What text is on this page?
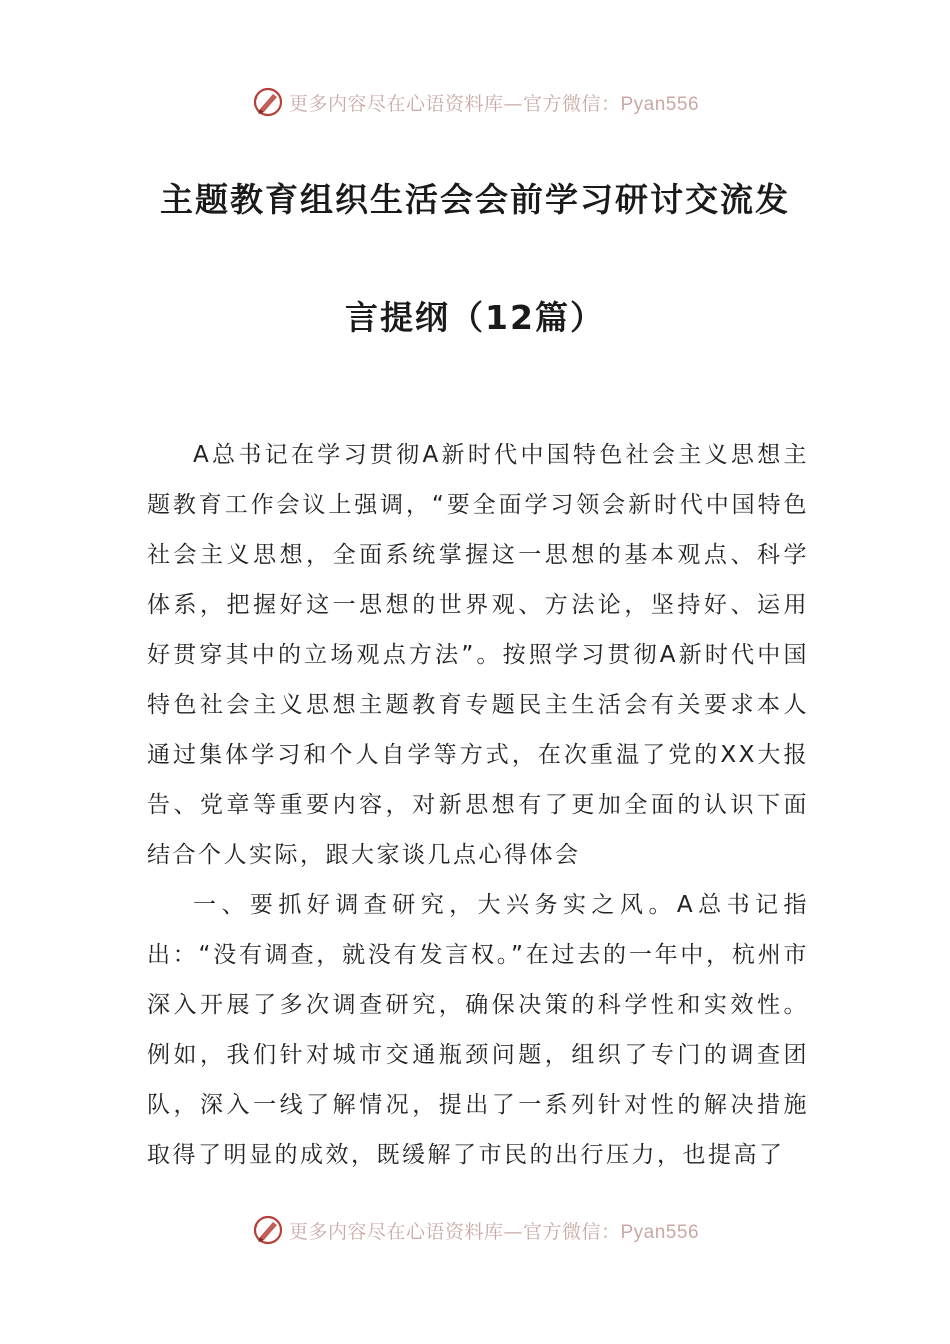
更多内容尽在心语资料库—官方微信：Pyan556
主题教育组织生活会会前学习研讨交流发
言提纲（12篇）

A总书记在学习贯彻A新时代中国特色社会主义思想主题教育工作会议上强调，“要全面学习领会新时代中国特色社会主义思想，全面系统掌握这一思想的基本观点、科学体系，把握好这一思想的世界观、方法论，坚持好、运用好贯穿其中的立场观点方法”。按照学习贯彻A新时代中国特色社会主义思想主题教育专题民主生活会有关要求本人通过集体学习和个人自学等方式，在次重温了党的XX大报告、党章等重要内容，对新思想有了更加全面的认识下面结合个人实际，跟大家谈几点心得体会

一、要抓好调查研究，大兴务实之风。A总书记指出：“没有调查，就没有发言权。”在过去的一年中，杭州市深入开展了多次调查研究，确保决策的科学性和实效性。例如，我们针对城市交通瓶颈问题，组织了专门的调查团队，深入一线了解情况，提出了一系列针对性的解决措施取得了明显的成效，既缓解了市民的出行压力，也提高了

更多内容尽在心语资料库—官方微信：Pyan556
